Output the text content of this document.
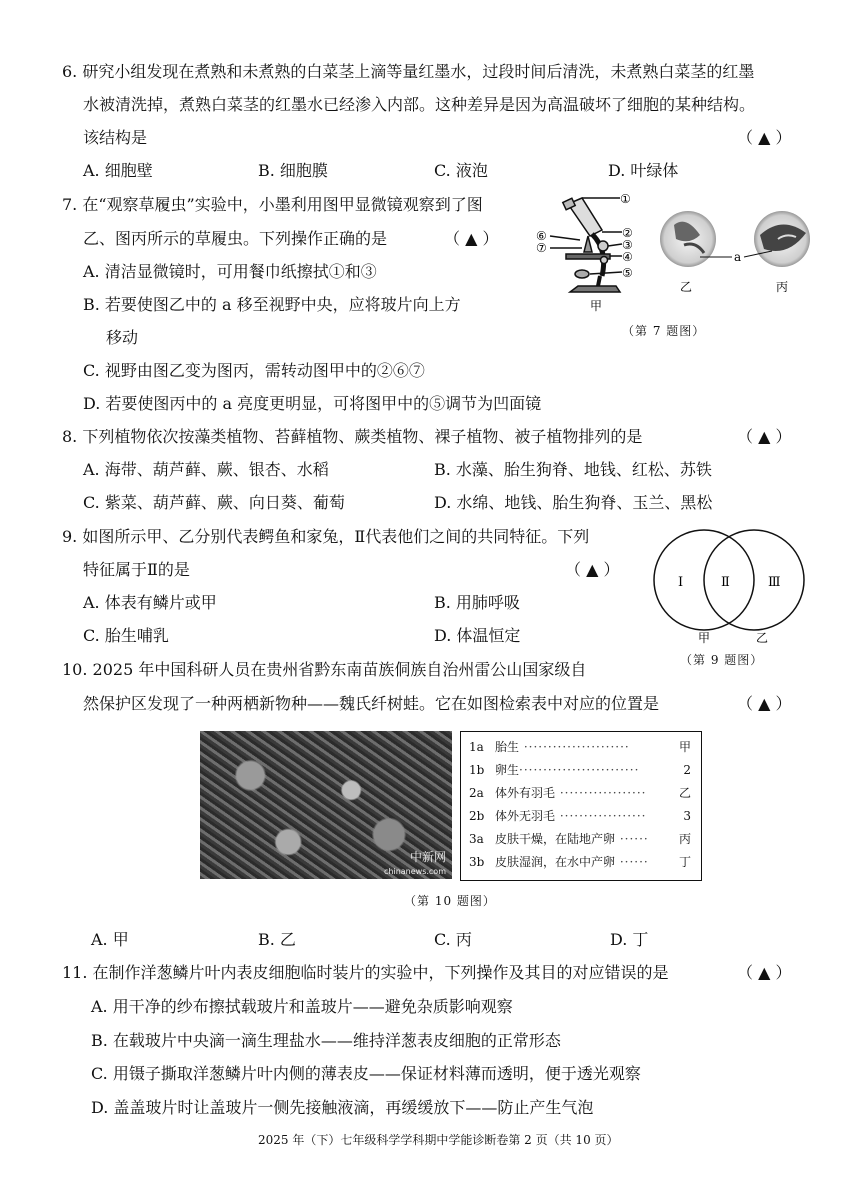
6. 研究小组发现在煮熟和未煮熟的白菜茎上滴等量红墨水，过段时间后清洗，未煮熟白菜茎的红墨
水被清洗掉，煮熟白菜茎的红墨水已经渗入内部。这种差异是因为高温破坏了细胞的某种结构。
该结构是	（ ▲ ）
A. 细胞壁	B. 细胞膜	C. 液泡	D. 叶绿体
7. 在“观察草履虫”实验中，小墨利用图甲显微镜观察到了图
乙、图丙所示的草履虫。下列操作正确的是	（ ▲ ）
A. 清洁显微镜时，可用餐巾纸擦拭①和③
B. 若要使图乙中的 a 移至视野中央，应将玻片向上方
移动
C. 视野由图乙变为图丙，需转动图甲中的②⑥⑦
D. 若要使图丙中的 a 亮度更明显，可将图甲中的⑤调节为凹面镜
①
②
③
④
⑤
⑥
⑦
甲
a
乙	丙
（第 7 题图）
8. 下列植物依次按藻类植物、苔藓植物、蕨类植物、裸子植物、被子植物排列的是	（ ▲ ）
A. 海带、葫芦藓、蕨、银杏、水稻	B. 水藻、胎生狗脊、地钱、红松、苏铁
C. 紫菜、葫芦藓、蕨、向日葵、葡萄	D. 水绵、地钱、胎生狗脊、玉兰、黑松
9. 如图所示甲、乙分别代表鳄鱼和家兔，Ⅱ代表他们之间的共同特征。下列
特征属于Ⅱ的是	（ ▲ ）
A. 体表有鳞片或甲	B. 用肺呼吸
C. 胎生哺乳	D. 体温恒定
Ⅰ	Ⅱ	Ⅲ
甲	乙
（第 9 题图）
10. 2025 年中国科研人员在贵州省黔东南苗族侗族自治州雷公山国家级自
然保护区发现了一种两栖新物种——魏氏纤树蛙。它在如图检索表中对应的位置是	（ ▲ ）
中新网
chinanews.com
1a 胎生 ······················	甲
1b 卵生·························	2
2a 体外有羽毛 ··················	乙
2b 体外无羽毛 ··················	3
3a 皮肤干燥，在陆地产卵 ······	丙
3b 皮肤湿润，在水中产卵 ······	丁
（第 10 题图）
A. 甲	B. 乙	C. 丙	D. 丁
11. 在制作洋葱鳞片叶内表皮细胞临时装片的实验中，下列操作及其目的对应错误的是	（ ▲ ）
A. 用干净的纱布擦拭载玻片和盖玻片——避免杂质影响观察
B. 在载玻片中央滴一滴生理盐水——维持洋葱表皮细胞的正常形态
C. 用镊子撕取洋葱鳞片叶内侧的薄表皮——保证材料薄而透明，便于透光观察
D. 盖盖玻片时让盖玻片一侧先接触液滴，再缓缓放下——防止产生气泡
2025 年（下）七年级科学学科期中学能诊断卷第 2 页（共 10 页）
